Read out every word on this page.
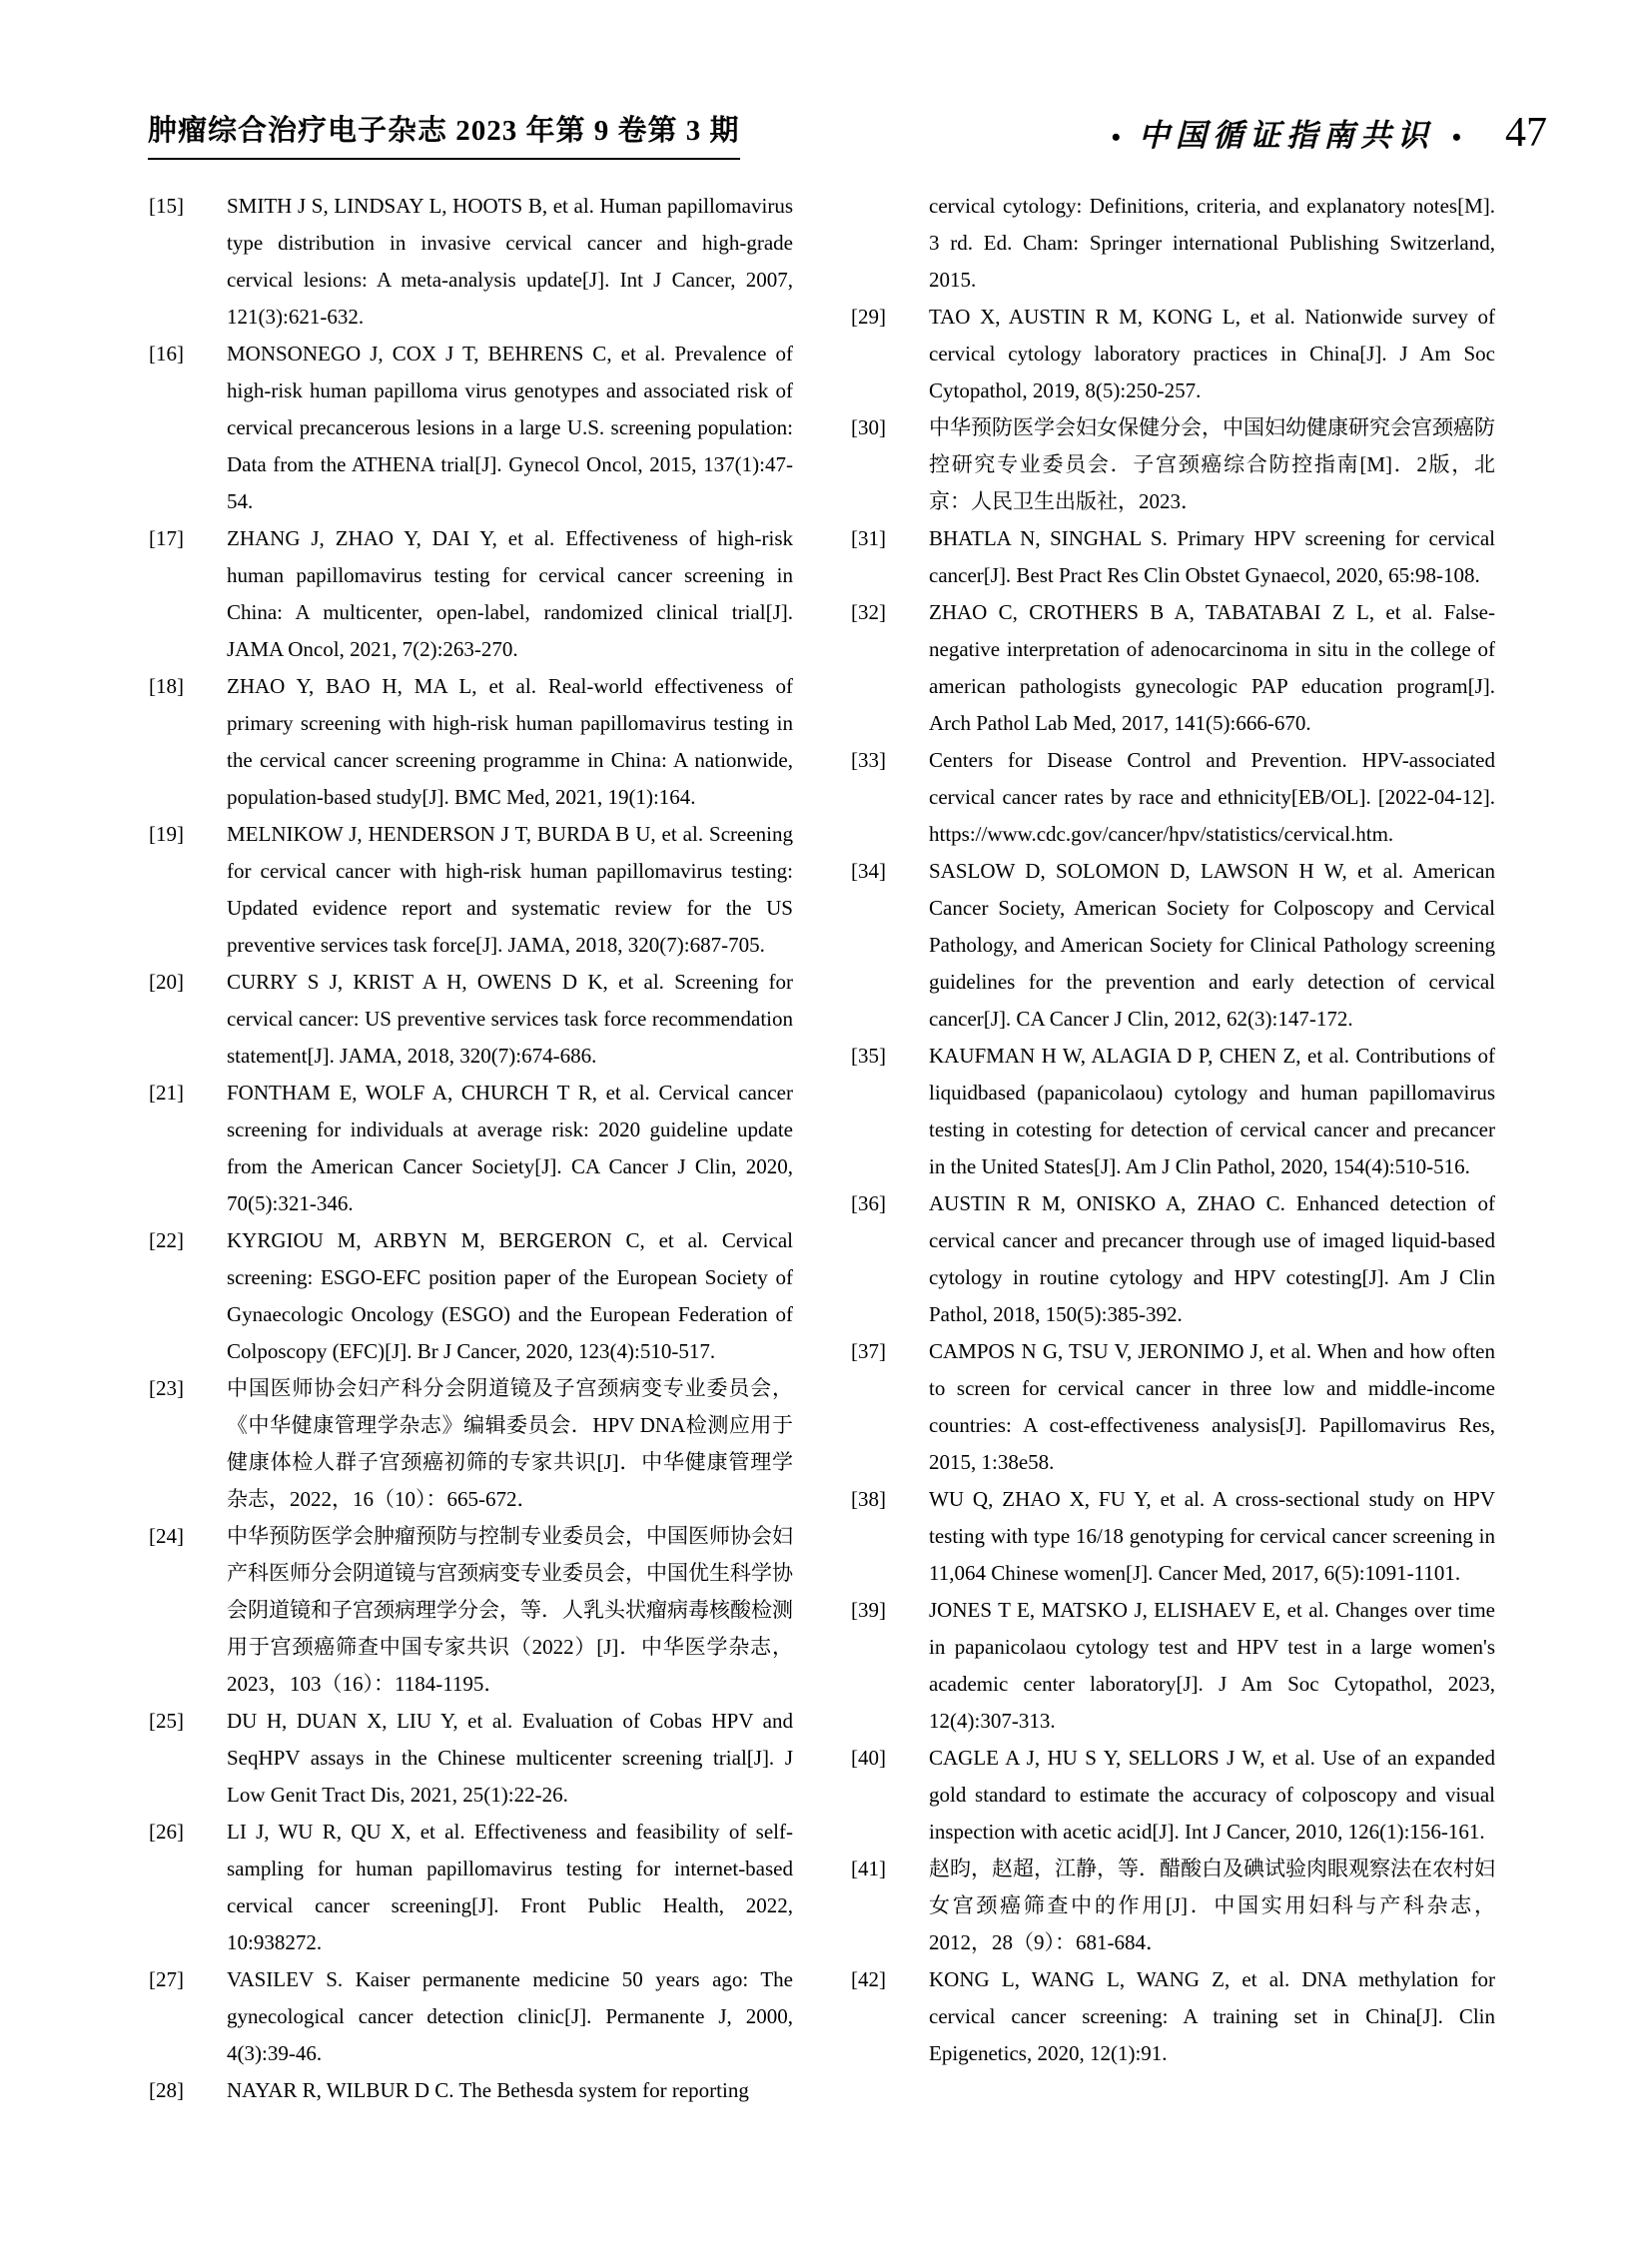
肿瘤综合治疗电子杂志 2023 年第 9 卷第 3 期	• 中国循证指南共识 • 47
[15]	SMITH J S, LINDSAY L, HOOTS B, et al. Human papillomavirus type distribution in invasive cervical cancer and high-grade cervical lesions: A meta-analysis update[J]. Int J Cancer, 2007, 121(3):621-632.
[16]	MONSONEGO J, COX J T, BEHRENS C, et al. Prevalence of high-risk human papilloma virus genotypes and associated risk of cervical precancerous lesions in a large U.S. screening population: Data from the ATHENA trial[J]. Gynecol Oncol, 2015, 137(1):47-54.
[17]	ZHANG J, ZHAO Y, DAI Y, et al. Effectiveness of high-risk human papillomavirus testing for cervical cancer screening in China: A multicenter, open-label, randomized clinical trial[J]. JAMA Oncol, 2021, 7(2):263-270.
[18]	ZHAO Y, BAO H, MA L, et al. Real-world effectiveness of primary screening with high-risk human papillomavirus testing in the cervical cancer screening programme in China: A nationwide, population-based study[J]. BMC Med, 2021, 19(1):164.
[19]	MELNIKOW J, HENDERSON J T, BURDA B U, et al. Screening for cervical cancer with high-risk human papillomavirus testing: Updated evidence report and systematic review for the US preventive services task force[J]. JAMA, 2018, 320(7):687-705.
[20]	CURRY S J, KRIST A H, OWENS D K, et al. Screening for cervical cancer: US preventive services task force recommendation statement[J]. JAMA, 2018, 320(7):674-686.
[21]	FONTHAM E, WOLF A, CHURCH T R, et al. Cervical cancer screening for individuals at average risk: 2020 guideline update from the American Cancer Society[J]. CA Cancer J Clin, 2020, 70(5):321-346.
[22]	KYRGIOU M, ARBYN M, BERGERON C, et al. Cervical screening: ESGO-EFC position paper of the European Society of Gynaecologic Oncology (ESGO) and the European Federation of Colposcopy (EFC)[J]. Br J Cancer, 2020, 123(4):510-517.
[23]	中国医师协会妇产科分会阴道镜及子宫颈病变专业委员会，《中华健康管理学杂志》编辑委员会．HPV DNA检测应用于健康体检人群子宫颈癌初筛的专家共识[J]．中华健康管理学杂志，2022，16（10）：665-672．
[24]	中华预防医学会肿瘤预防与控制专业委员会，中国医师协会妇产科医师分会阴道镜与宫颈病变专业委员会，中国优生科学协会阴道镜和子宫颈病理学分会，等．人乳头状瘤病毒核酸检测用于宫颈癌筛查中国专家共识（2022）[J]．中华医学杂志，2023，103（16）：1184-1195．
[25]	DU H, DUAN X, LIU Y, et al. Evaluation of Cobas HPV and SeqHPV assays in the Chinese multicenter screening trial[J]. J Low Genit Tract Dis, 2021, 25(1):22-26.
[26]	LI J, WU R, QU X, et al. Effectiveness and feasibility of self-sampling for human papillomavirus testing for internet-based cervical cancer screening[J]. Front Public Health, 2022, 10:938272.
[27]	VASILEV S. Kaiser permanente medicine 50 years ago: The gynecological cancer detection clinic[J]. Permanente J, 2000, 4(3):39-46.
[28]	NAYAR R, WILBUR D C. The Bethesda system for reporting
cervical cytology: Definitions, criteria, and explanatory notes[M]. 3 rd. Ed. Cham: Springer international Publishing Switzerland, 2015.
[29]	TAO X, AUSTIN R M, KONG L, et al. Nationwide survey of cervical cytology laboratory practices in China[J]. J Am Soc Cytopathol, 2019, 8(5):250-257.
[30]	中华预防医学会妇女保健分会，中国妇幼健康研究会宫颈癌防控研究专业委员会．子宫颈癌综合防控指南[M]．2版，北京：人民卫生出版社，2023．
[31]	BHATLA N, SINGHAL S. Primary HPV screening for cervical cancer[J]. Best Pract Res Clin Obstet Gynaecol, 2020, 65:98-108.
[32]	ZHAO C, CROTHERS B A, TABATABAI Z L, et al. False-negative interpretation of adenocarcinoma in situ in the college of american pathologists gynecologic PAP education program[J]. Arch Pathol Lab Med, 2017, 141(5):666-670.
[33]	Centers for Disease Control and Prevention. HPV-associated cervical cancer rates by race and ethnicity[EB/OL]. [2022-04-12]. https://www.cdc.gov/cancer/hpv/statistics/cervical.htm.
[34]	SASLOW D, SOLOMON D, LAWSON H W, et al. American Cancer Society, American Society for Colposcopy and Cervical Pathology, and American Society for Clinical Pathology screening guidelines for the prevention and early detection of cervical cancer[J]. CA Cancer J Clin, 2012, 62(3):147-172.
[35]	KAUFMAN H W, ALAGIA D P, CHEN Z, et al. Contributions of liquidbased (papanicolaou) cytology and human papillomavirus testing in cotesting for detection of cervical cancer and precancer in the United States[J]. Am J Clin Pathol, 2020, 154(4):510-516.
[36]	AUSTIN R M, ONISKO A, ZHAO C. Enhanced detection of cervical cancer and precancer through use of imaged liquid-based cytology in routine cytology and HPV cotesting[J]. Am J Clin Pathol, 2018, 150(5):385-392.
[37]	CAMPOS N G, TSU V, JERONIMO J, et al. When and how often to screen for cervical cancer in three low and middle-income countries: A cost-effectiveness analysis[J]. Papillomavirus Res, 2015, 1:38e58.
[38]	WU Q, ZHAO X, FU Y, et al. A cross-sectional study on HPV testing with type 16/18 genotyping for cervical cancer screening in 11,064 Chinese women[J]. Cancer Med, 2017, 6(5):1091-1101.
[39]	JONES T E, MATSKO J, ELISHAEV E, et al. Changes over time in papanicolaou cytology test and HPV test in a large women's academic center laboratory[J]. J Am Soc Cytopathol, 2023, 12(4):307-313.
[40]	CAGLE A J, HU S Y, SELLORS J W, et al. Use of an expanded gold standard to estimate the accuracy of colposcopy and visual inspection with acetic acid[J]. Int J Cancer, 2010, 126(1):156-161.
[41]	赵昀，赵超，江静，等．醋酸白及碘试验肉眼观察法在农村妇女宫颈癌筛查中的作用[J]．中国实用妇科与产科杂志，2012，28（9）：681-684．
[42]	KONG L, WANG L, WANG Z, et al. DNA methylation for cervical cancer screening: A training set in China[J]. Clin Epigenetics, 2020, 12(1):91.
